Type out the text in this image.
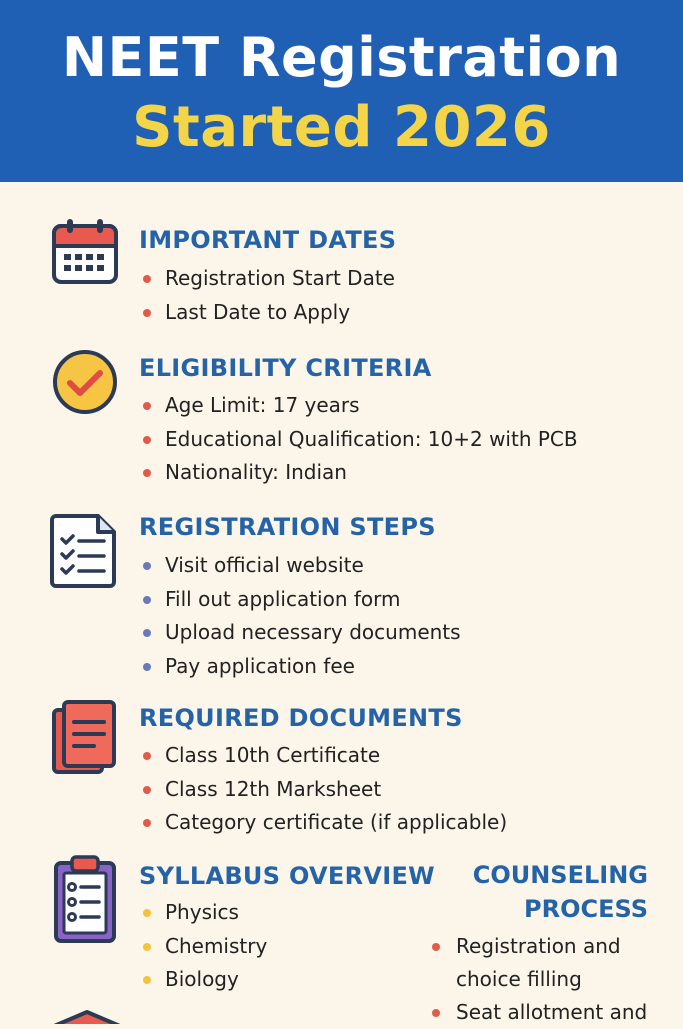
NEET Registration
Started 2026
IMPORTANT DATES
Registration Start Date
Last Date to Apply
ELIGIBILITY CRITERIA
Age Limit: 17 years
Educational Qualification: 10+2 with PCB
Nationality: Indian
REGISTRATION STEPS
Visit official website
Fill out application form
Upload necessary documents
Pay application fee
REQUIRED DOCUMENTS
Class 10th Certificate
Class 12th Marksheet
Category certificate (if applicable)
SYLLABUS OVERVIEW
Physics
Chemistry
Biology
COUNSELING
PROCESS
Registration and choice filling
Seat allotment and
